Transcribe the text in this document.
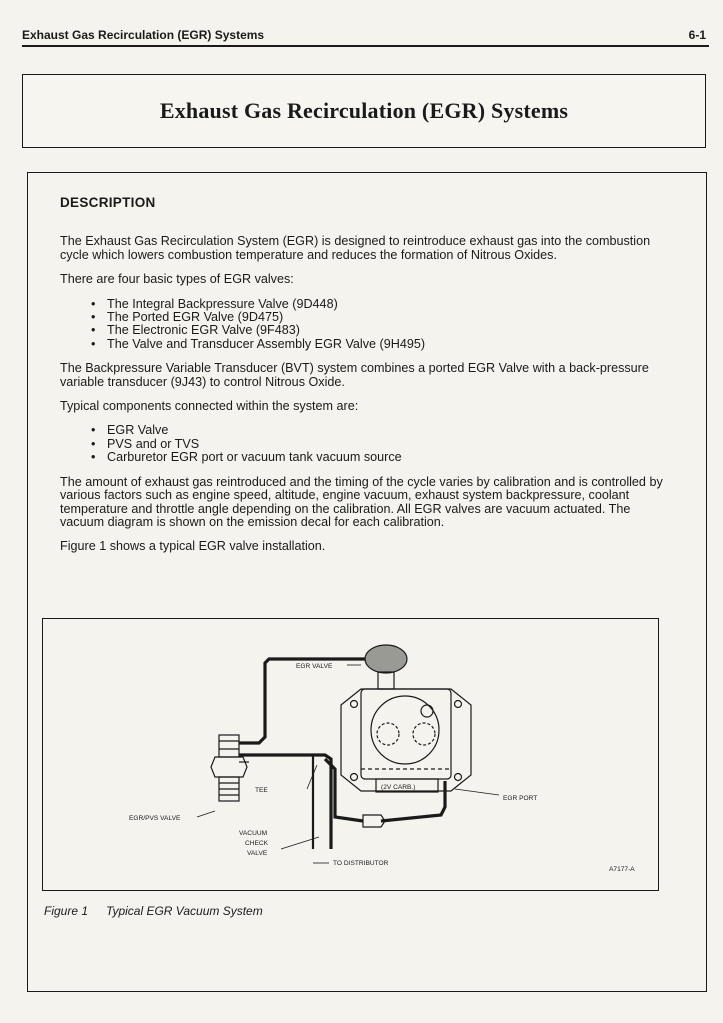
Exhaust Gas Recirculation (EGR) Systems	6-1
Exhaust Gas Recirculation (EGR) Systems
DESCRIPTION

The Exhaust Gas Recirculation System (EGR) is designed to reintroduce exhaust gas into the combustion cycle which lowers combustion temperature and reduces the formation of Nitrous Oxides.

There are four basic types of EGR valves:

• The Integral Backpressure Valve (9D448)
• The Ported EGR Valve (9D475)
• The Electronic EGR Valve (9F483)
• The Valve and Transducer Assembly EGR Valve (9H495)

The Backpressure Variable Transducer (BVT) system combines a ported EGR Valve with a back-pressure variable transducer (9J43) to control Nitrous Oxide.

Typical components connected within the system are:

• EGR Valve
• PVS and or TVS
• Carburetor EGR port or vacuum tank vacuum source

The amount of exhaust gas reintroduced and the timing of the cycle varies by calibration and is controlled by various factors such as engine speed, altitude, engine vacuum, exhaust system backpressure, coolant temperature and throttle angle depending on the calibration. All EGR valves are vacuum actuated. The vacuum diagram is shown on the emission decal for each calibration.

Figure 1 shows a typical EGR valve installation.

EGR VALVE
TEE	(2V CARB.)
EGR PORT
EGR/PVS VALVE
VACUUM
CHECK
VALVE
TO DISTRIBUTOR
A7177-A
Figure 1 Typical EGR Vacuum System
